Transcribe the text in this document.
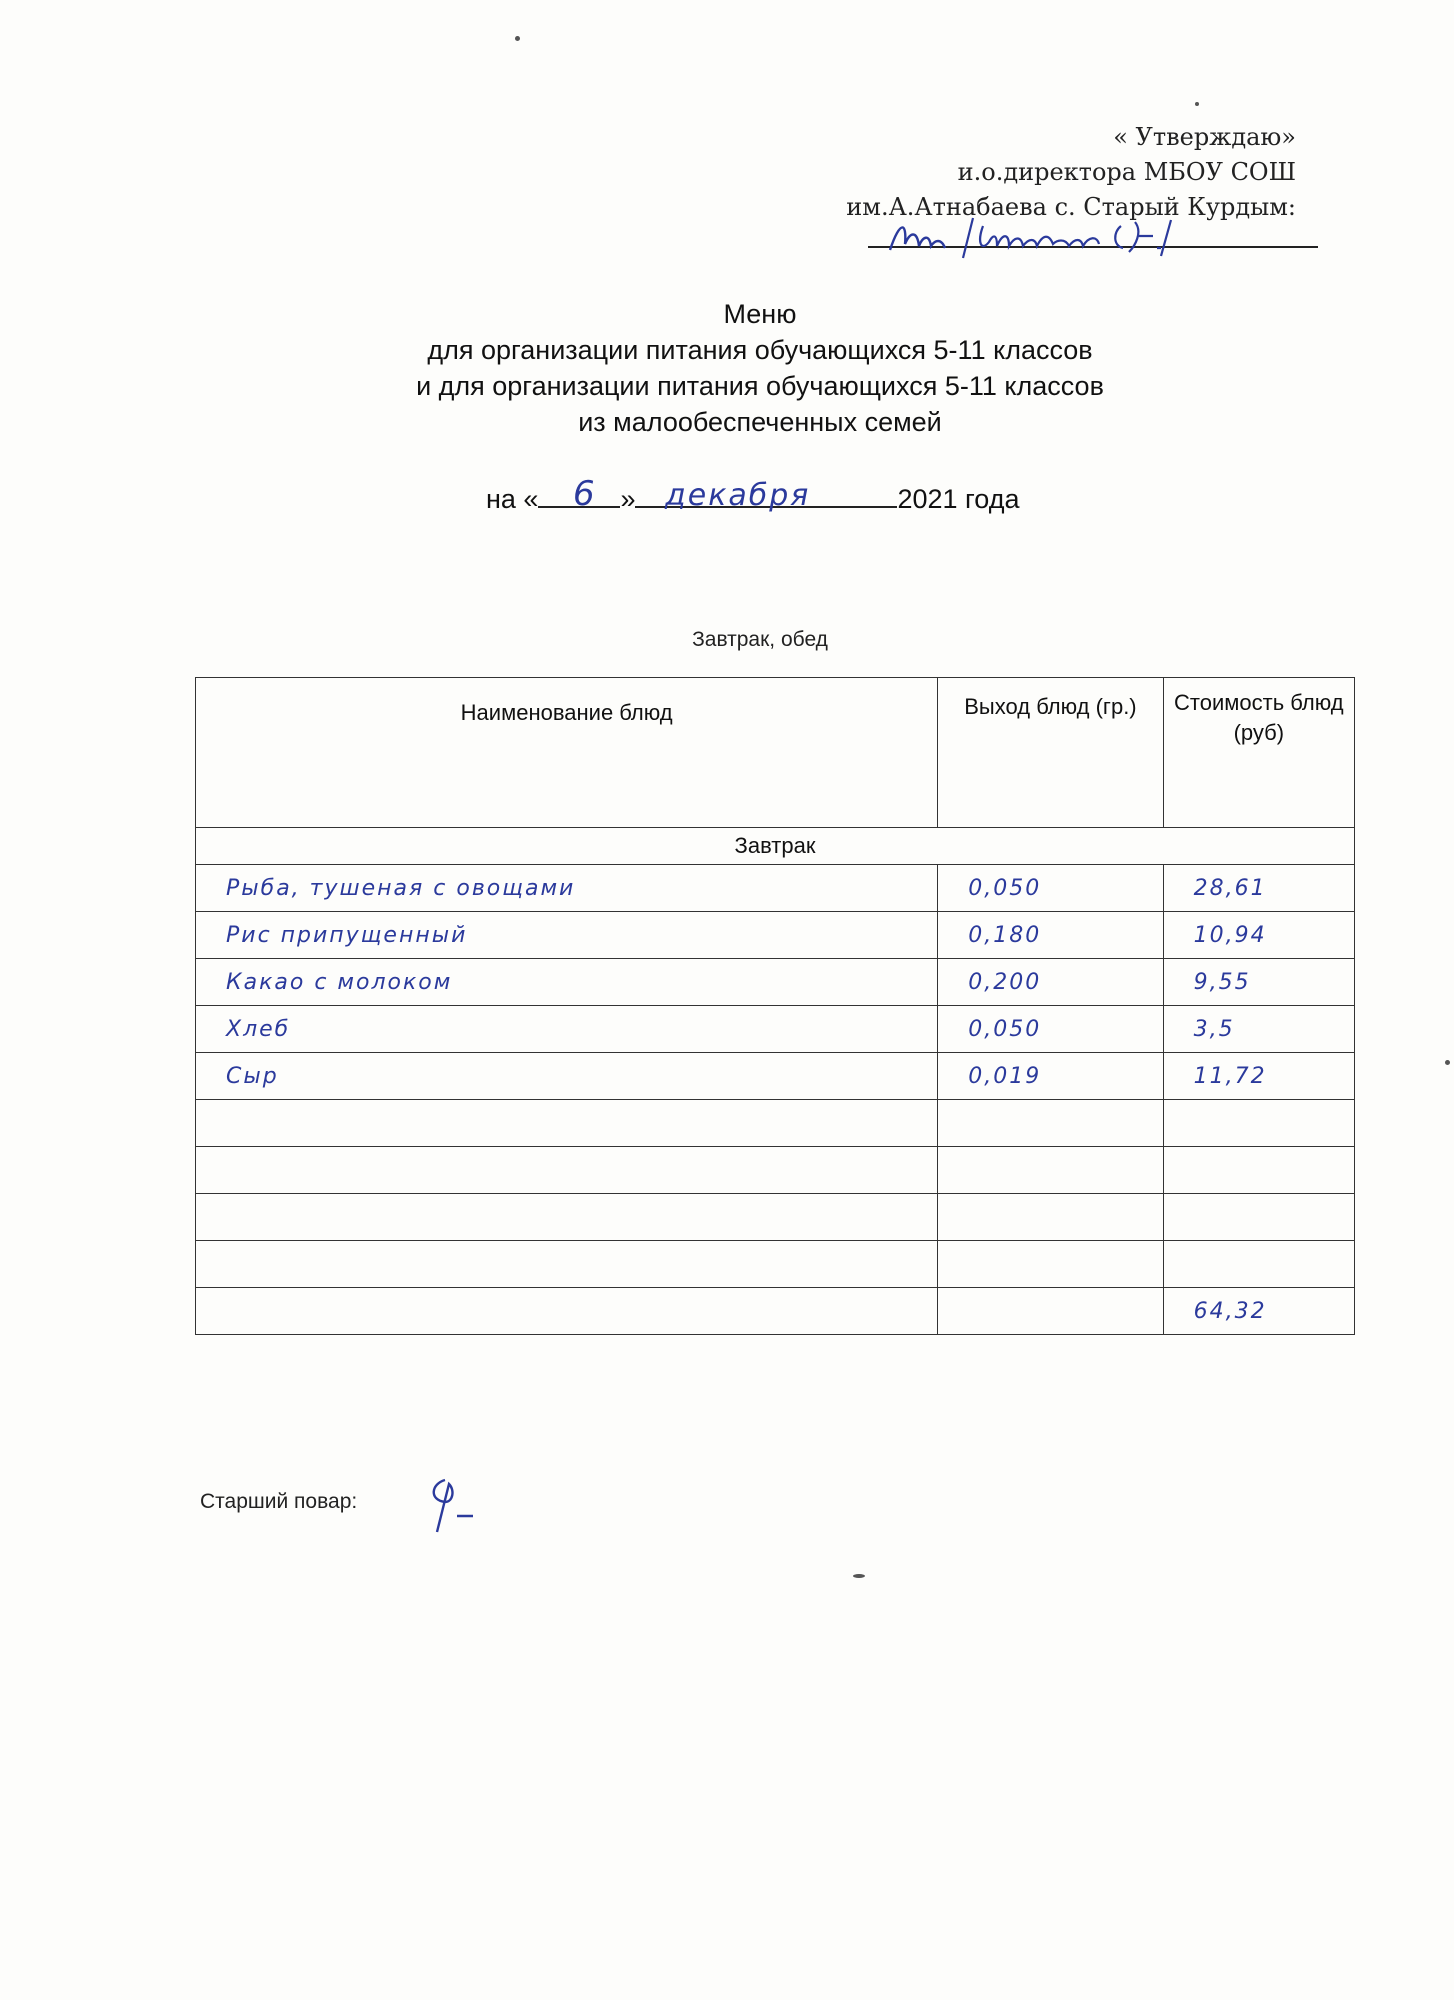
« Утверждаю»
и.о.директора МБОУ СОШ
им.А.Атнабаева с. Старый Курдым:
Меню
для организации питания обучающихся 5-11 классов
и для организации питания обучающихся 5-11 классов
из малообеспеченных семей
на «	»	2021 года
6 декабря
Завтрак, обед
Наименование блюд	Выход блюд (гр.)	Стоимость блюд (руб)
Завтрак		
Рыба, тушеная с овощами	0,050	28,61
Рис припущенный	0,180	10,94
Какао с молоком	0,200	9,55
Хлеб	0,050	3,5
Сыр	0,019	11,72

		64,32
Старший повар:
